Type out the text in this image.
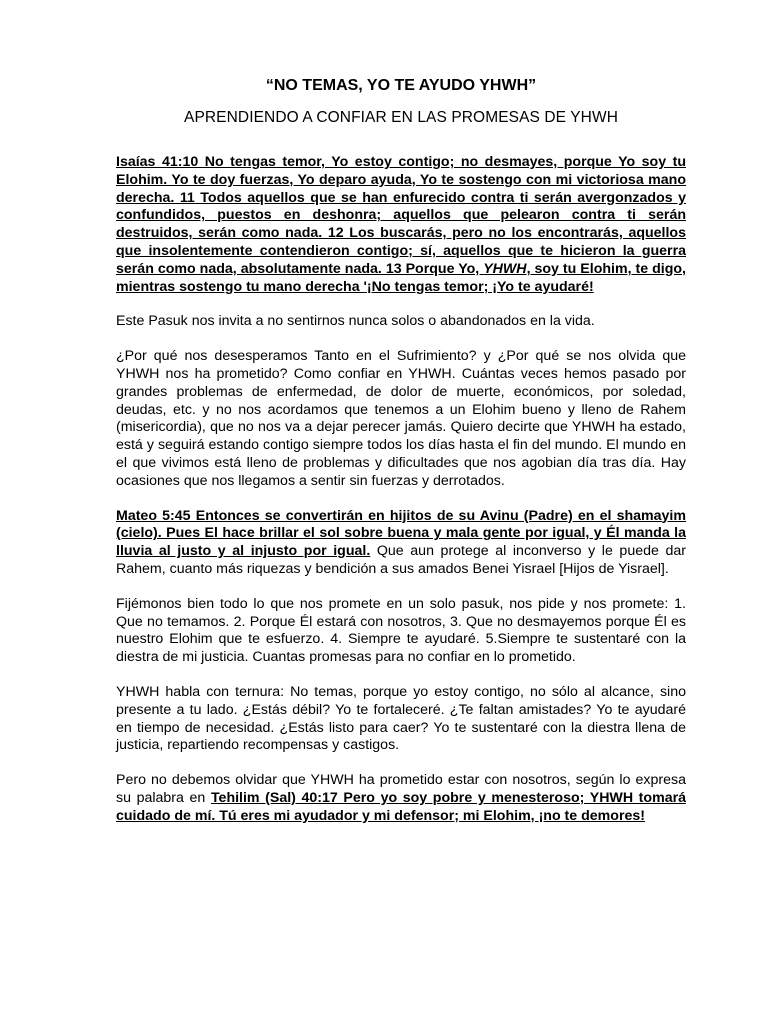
“NO TEMAS, YO TE AYUDO YHWH”
APRENDIENDO A CONFIAR EN LAS PROMESAS DE YHWH

Isaías 41:10 No tengas temor, Yo estoy contigo; no desmayes, porque Yo soy tu Elohim. Yo te doy fuerzas, Yo deparo ayuda, Yo te sostengo con mi victoriosa mano derecha. 11 Todos aquellos que se han enfurecido contra ti serán avergonzados y confundidos, puestos en deshonra; aquellos que pelearon contra ti serán destruidos, serán como nada. 12 Los buscarás, pero no los encontrarás, aquellos que insolentemente contendieron contigo; sí, aquellos que te hicieron la guerra serán como nada, absolutamente nada. 13 Porque Yo, YHWH, soy tu Elohim, te digo, mientras sostengo tu mano derecha '¡No tengas temor; ¡Yo te ayudaré!

Este Pasuk nos invita a no sentirnos nunca solos o abandonados en la vida.

¿Por qué nos desesperamos Tanto en el Sufrimiento? y ¿Por qué se nos olvida que YHWH nos ha prometido? Como confiar en YHWH. Cuántas veces hemos pasado por grandes problemas de enfermedad, de dolor de muerte, económicos, por soledad, deudas, etc. y no nos acordamos que tenemos a un Elohim bueno y lleno de Rahem (misericordia), que no nos va a dejar perecer jamás. Quiero decirte que YHWH ha estado, está y seguirá estando contigo siempre todos los días hasta el fin del mundo. El mundo en el que vivimos está lleno de problemas y dificultades que nos agobian día tras día. Hay ocasiones que nos llegamos a sentir sin fuerzas y derrotados.

Mateo 5:45 Entonces se convertirán en hijitos de su Avinu (Padre) en el shamayim (cielo). Pues El hace brillar el sol sobre buena y mala gente por igual, y Él manda la lluvia al justo y al injusto por igual. Que aun protege al inconverso y le puede dar Rahem, cuanto más riquezas y bendición a sus amados Benei Yisrael [Hijos de Yisrael].

Fijémonos bien todo lo que nos promete en un solo pasuk, nos pide y nos promete: 1. Que no temamos. 2. Porque Él estará con nosotros, 3. Que no desmayemos porque Él es nuestro Elohim que te esfuerzo. 4. Siempre te ayudaré. 5.Siempre te sustentaré con la diestra de mi justicia. Cuantas promesas para no confiar en lo prometido.

YHWH habla con ternura: No temas, porque yo estoy contigo, no sólo al alcance, sino presente a tu lado. ¿Estás débil? Yo te fortaleceré. ¿Te faltan amistades? Yo te ayudaré en tiempo de necesidad. ¿Estás listo para caer? Yo te sustentaré con la diestra llena de justicia, repartiendo recompensas y castigos.

Pero no debemos olvidar que YHWH ha prometido estar con nosotros, según lo expresa su palabra en Tehilim (Sal) 40:17 Pero yo soy pobre y menesteroso; YHWH tomará cuidado de mí. Tú eres mi ayudador y mi defensor; mi Elohim, ¡no te demores!
